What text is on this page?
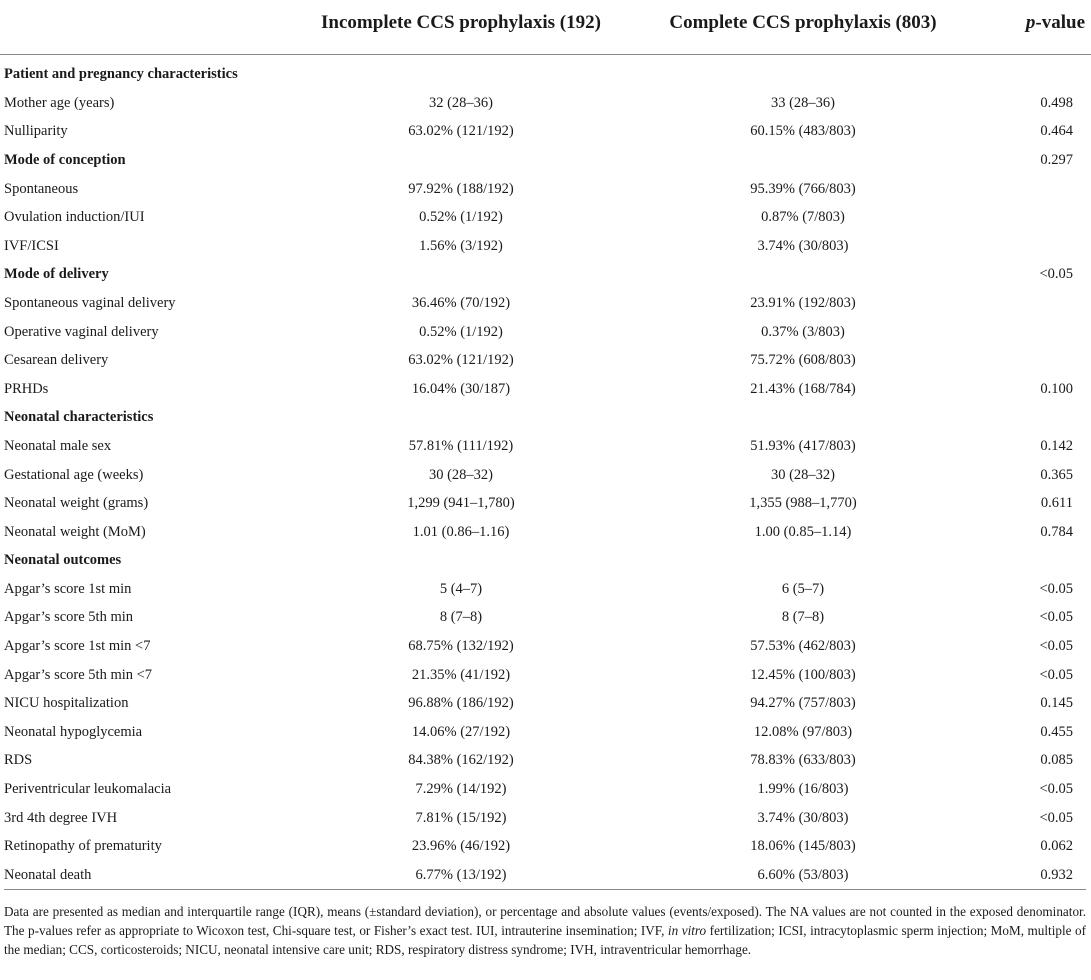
	Incomplete CCS prophylaxis (192)	Complete CCS prophylaxis (803)	p-value
Patient and pregnancy characteristics			
Mother age (years)	32 (28–36)	33 (28–36)	0.498
Nulliparity	63.02% (121/192)	60.15% (483/803)	0.464
Mode of conception			0.297
Spontaneous	97.92% (188/192)	95.39% (766/803)	
Ovulation induction/IUI	0.52% (1/192)	0.87% (7/803)	
IVF/ICSI	1.56% (3/192)	3.74% (30/803)	
Mode of delivery			<0.05
Spontaneous vaginal delivery	36.46% (70/192)	23.91% (192/803)	
Operative vaginal delivery	0.52% (1/192)	0.37% (3/803)	
Cesarean delivery	63.02% (121/192)	75.72% (608/803)	
PRHDs	16.04% (30/187)	21.43% (168/784)	0.100
Neonatal characteristics			
Neonatal male sex	57.81% (111/192)	51.93% (417/803)	0.142
Gestational age (weeks)	30 (28–32)	30 (28–32)	0.365
Neonatal weight (grams)	1,299 (941–1,780)	1,355 (988–1,770)	0.611
Neonatal weight (MoM)	1.01 (0.86–1.16)	1.00 (0.85–1.14)	0.784
Neonatal outcomes			
Apgar’s score 1st min	5 (4–7)	6 (5–7)	<0.05
Apgar’s score 5th min	8 (7–8)	8 (7–8)	<0.05
Apgar’s score 1st min <7	68.75% (132/192)	57.53% (462/803)	<0.05
Apgar’s score 5th min <7	21.35% (41/192)	12.45% (100/803)	<0.05
NICU hospitalization	96.88% (186/192)	94.27% (757/803)	0.145
Neonatal hypoglycemia	14.06% (27/192)	12.08% (97/803)	0.455
RDS	84.38% (162/192)	78.83% (633/803)	0.085
Periventricular leukomalacia	7.29% (14/192)	1.99% (16/803)	<0.05
3rd 4th degree IVH	7.81% (15/192)	3.74% (30/803)	<0.05
Retinopathy of prematurity	23.96% (46/192)	18.06% (145/803)	0.062
Neonatal death	6.77% (13/192)	6.60% (53/803)	0.932
Data are presented as median and interquartile range (IQR), means (±standard deviation), or percentage and absolute values (events/exposed). The NA values are not counted in the exposed denominator. The p-values refer as appropriate to Wicoxon test, Chi-square test, or Fisher’s exact test. IUI, intrauterine insemination; IVF, in vitro fertilization; ICSI, intracytoplasmic sperm injection; MoM, multiple of the median; CCS, corticosteroids; NICU, neonatal intensive care unit; RDS, respiratory distress syndrome; IVH, intraventricular hemorrhage.
